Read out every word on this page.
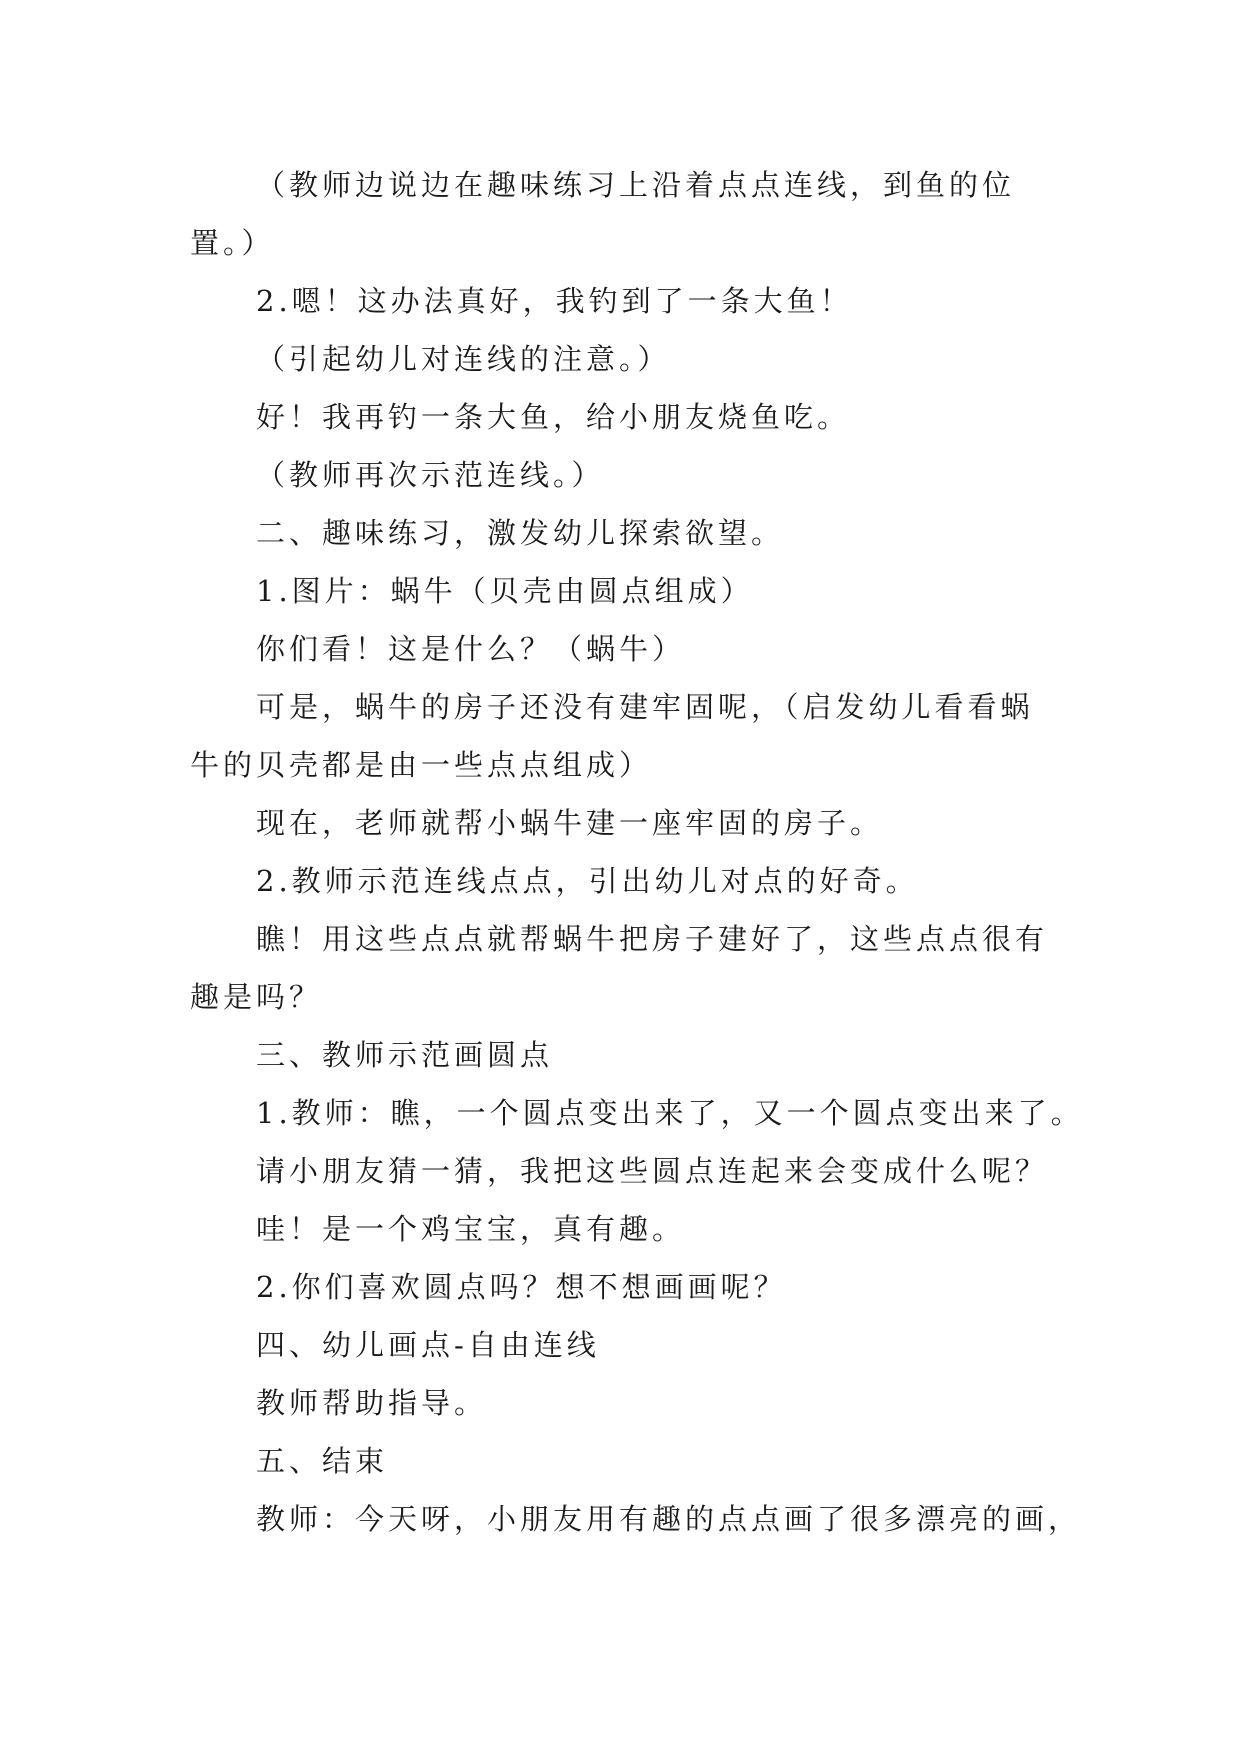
（教师边说边在趣味练习上沿着点点连线，到鱼的位

置。）

2.嗯！这办法真好，我钓到了一条大鱼！

（引起幼儿对连线的注意。）

好！我再钓一条大鱼，给小朋友烧鱼吃。

（教师再次示范连线。）

二、趣味练习，激发幼儿探索欲望。

1.图片：蜗牛（贝壳由圆点组成）

你们看！这是什么？（蜗牛）

可是，蜗牛的房子还没有建牢固呢，（启发幼儿看看蜗

牛的贝壳都是由一些点点组成）

现在，老师就帮小蜗牛建一座牢固的房子。

2.教师示范连线点点，引出幼儿对点的好奇。

瞧！用这些点点就帮蜗牛把房子建好了，这些点点很有

趣是吗？

三、教师示范画圆点

1.教师：瞧，一个圆点变出来了，又一个圆点变出来了。

请小朋友猜一猜，我把这些圆点连起来会变成什么呢？

哇！是一个鸡宝宝，真有趣。

2.你们喜欢圆点吗？想不想画画呢？

四、幼儿画点-自由连线

教师帮助指导。

五、结束

教师：今天呀，小朋友用有趣的点点画了很多漂亮的画，
